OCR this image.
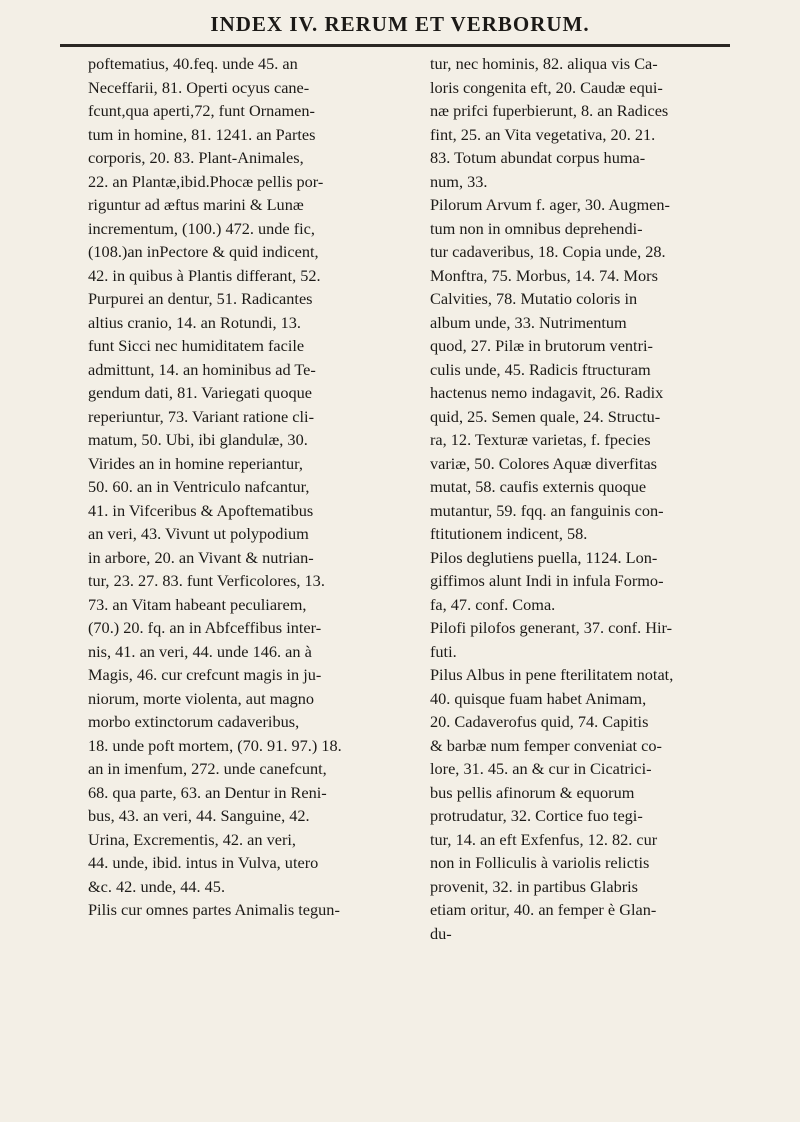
INDEX IV. RERUM ET VERBORUM.
poftematius, 40.feq. unde 45. an
Neceffarii, 81. Operti ocyus cane-
fcunt,qua aperti,72, funt Ornamen-
tum in homine, 81. 1241. an Partes
corporis, 20. 83. Plant-Animales,
22. an Plantæ,ibid.Phocæ pellis por-
riguntur ad æftus marini & Lunæ
incrementum, (100.) 472. unde fic,
(108.)an inPectore & quid indicent,
42. in quibus à Plantis differant, 52.
Purpurei an dentur, 51. Radicantes
altius cranio, 14. an Rotundi, 13.
funt Sicci nec humiditatem facile
admittunt, 14. an hominibus ad Te-
gendum dati, 81. Variegati quoque
reperiuntur, 73. Variant ratione cli-
matum, 50. Ubi, ibi glandulæ, 30.
Virides an in homine reperiantur,
50. 60. an in Ventriculo nafcantur,
41. in Vifceribus & Apoftematibus
an veri, 43. Vivunt ut polypodium
in arbore, 20. an Vivant & nutrian-
tur, 23. 27. 83. funt Verficolores, 13.
73. an Vitam habeant peculiarem,
(70.) 20. fq. an in Abfceffibus inter-
nis, 41. an veri, 44. unde 146. an à
Magis, 46. cur crefcunt magis in ju-
niorum, morte violenta, aut magno
morbo extinctorum cadaveribus,
18. unde poft mortem, (70. 91. 97.) 18.
an in imenfum, 272. unde canefcunt,
68. qua parte, 63. an Dentur in Reni-
bus, 43. an veri, 44. Sanguine, 42.
Urina, Excrementis, 42. an veri,
44. unde, ibid. intus in Vulva, utero
&c. 42. unde, 44. 45.
Pilis cur omnes partes Animalis tegun-
tur, nec hominis, 82. aliqua vis Ca-
loris congenita eft, 20. Caudæ equi-
næ prifci fuperbierunt, 8. an Radices
fint, 25. an Vita vegetativa, 20. 21.
83. Totum abundat corpus huma-
num, 33.
Pilorum Arvum f. ager, 30. Augmen-
tum non in omnibus deprehendi-
tur cadaveribus, 18. Copia unde, 28.
Monftra, 75. Morbus, 14. 74. Mors
Calvities, 78. Mutatio coloris in
album unde, 33. Nutrimentum
quod, 27. Pilæ in brutorum ventri-
culis unde, 45. Radicis ftructuram
hactenus nemo indagavit, 26. Radix
quid, 25. Semen quale, 24. Structu-
ra, 12. Texturæ varietas, f. fpecies
variæ, 50. Colores Aquæ diverfitas
mutat, 58. caufis externis quoque
mutantur, 59. fqq. an fanguinis con-
ftitutionem indicent, 58.
Pilos deglutiens puella, 1124. Lon-
giffimos alunt Indi in infula Formo-
fa, 47. conf. Coma.
Pilofi pilofos generant, 37. conf. Hir-
futi.
Pilus Albus in pene fterilitatem notat,
40. quisque fuam habet Animam,
20. Cadaverofus quid, 74. Capitis
& barbæ num femper conveniat co-
lore, 31. 45. an & cur in Cicatrici-
bus pellis afinorum & equorum
protrudatur, 32. Cortice fuo tegi-
tur, 14. an eft Exfenfus, 12. 82. cur
non in Folliculis à variolis relictis
provenit, 32. in partibus Glabris
etiam oritur, 40. an femper è Glan-
du-
